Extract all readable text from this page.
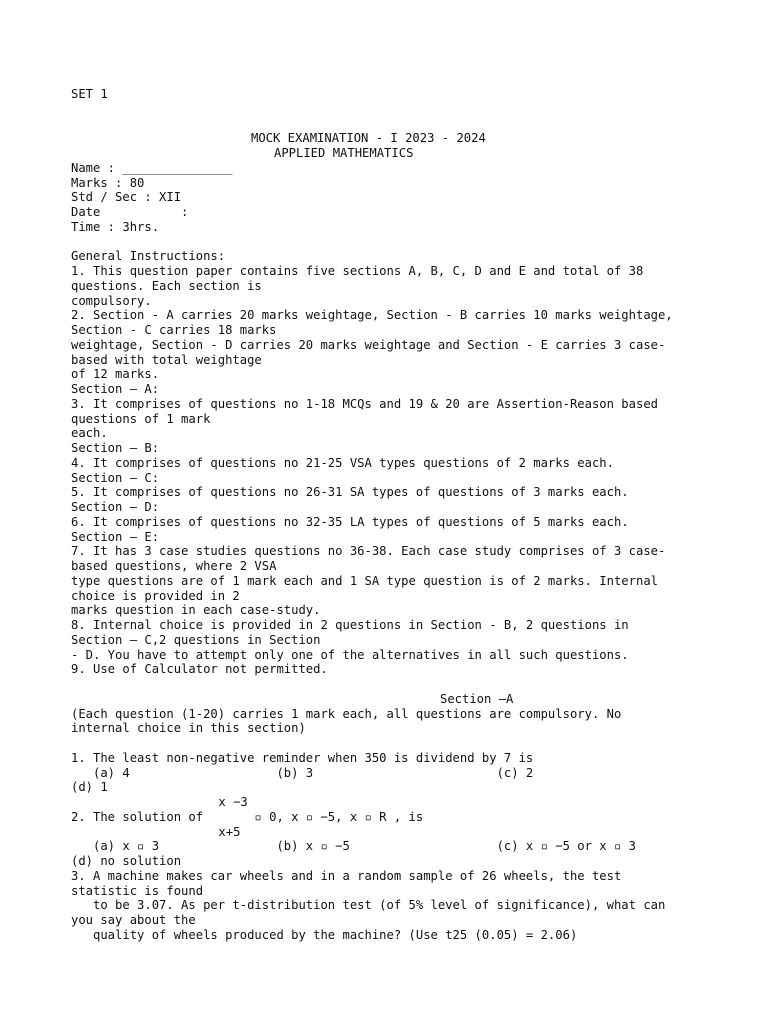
SET 1
MOCK EXAMINATION - I 2023 - 2024
APPLIED MATHEMATICS
Name : _______________
Marks : 80
Std / Sec : XII
Date           :
Time : 3hrs.
General Instructions:
1. This question paper contains five sections A, B, C, D and E and total of 38
questions. Each section is
compulsory.
2. Section - A carries 20 marks weightage, Section - B carries 10 marks weightage,
Section - C carries 18 marks
weightage, Section - D carries 20 marks weightage and Section - E carries 3 case-
based with total weightage
of 12 marks.
Section – A:
3. It comprises of questions no 1-18 MCQs and 19 & 20 are Assertion-Reason based
questions of 1 mark
each.
Section – B:
4. It comprises of questions no 21-25 VSA types questions of 2 marks each.
Section – C:
5. It comprises of questions no 26-31 SA types of questions of 3 marks each.
Section – D:
6. It comprises of questions no 32-35 LA types of questions of 5 marks each.
Section – E:
7. It has 3 case studies questions no 36-38. Each case study comprises of 3 case-
based questions, where 2 VSA
type questions are of 1 mark each and 1 SA type question is of 2 marks. Internal
choice is provided in 2
marks question in each case-study.
8. Internal choice is provided in 2 questions in Section - B, 2 questions in
Section – C,2 questions in Section
- D. You have to attempt only one of the alternatives in all such questions.
9. Use of Calculator not permitted.
Section –A
(Each question (1-20) carries 1 mark each, all questions are compulsory. No
internal choice in this section)
1. The least non-negative reminder when 350 is dividend by 7 is
(a) 4                    (b) 3                         (c) 2
(d) 1
x −3
2. The solution of       ▫ 0, x ▫ −5, x ▫ R , is
x+5
(a) x ▫ 3                (b) x ▫ −5                    (c) x ▫ −5 or x ▫ 3
(d) no solution
3. A machine makes car wheels and in a random sample of 26 wheels, the test
statistic is found
to be 3.07. As per t-distribution test (of 5% level of significance), what can
you say about the
quality of wheels produced by the machine? (Use t25 (0.05) = 2.06)
